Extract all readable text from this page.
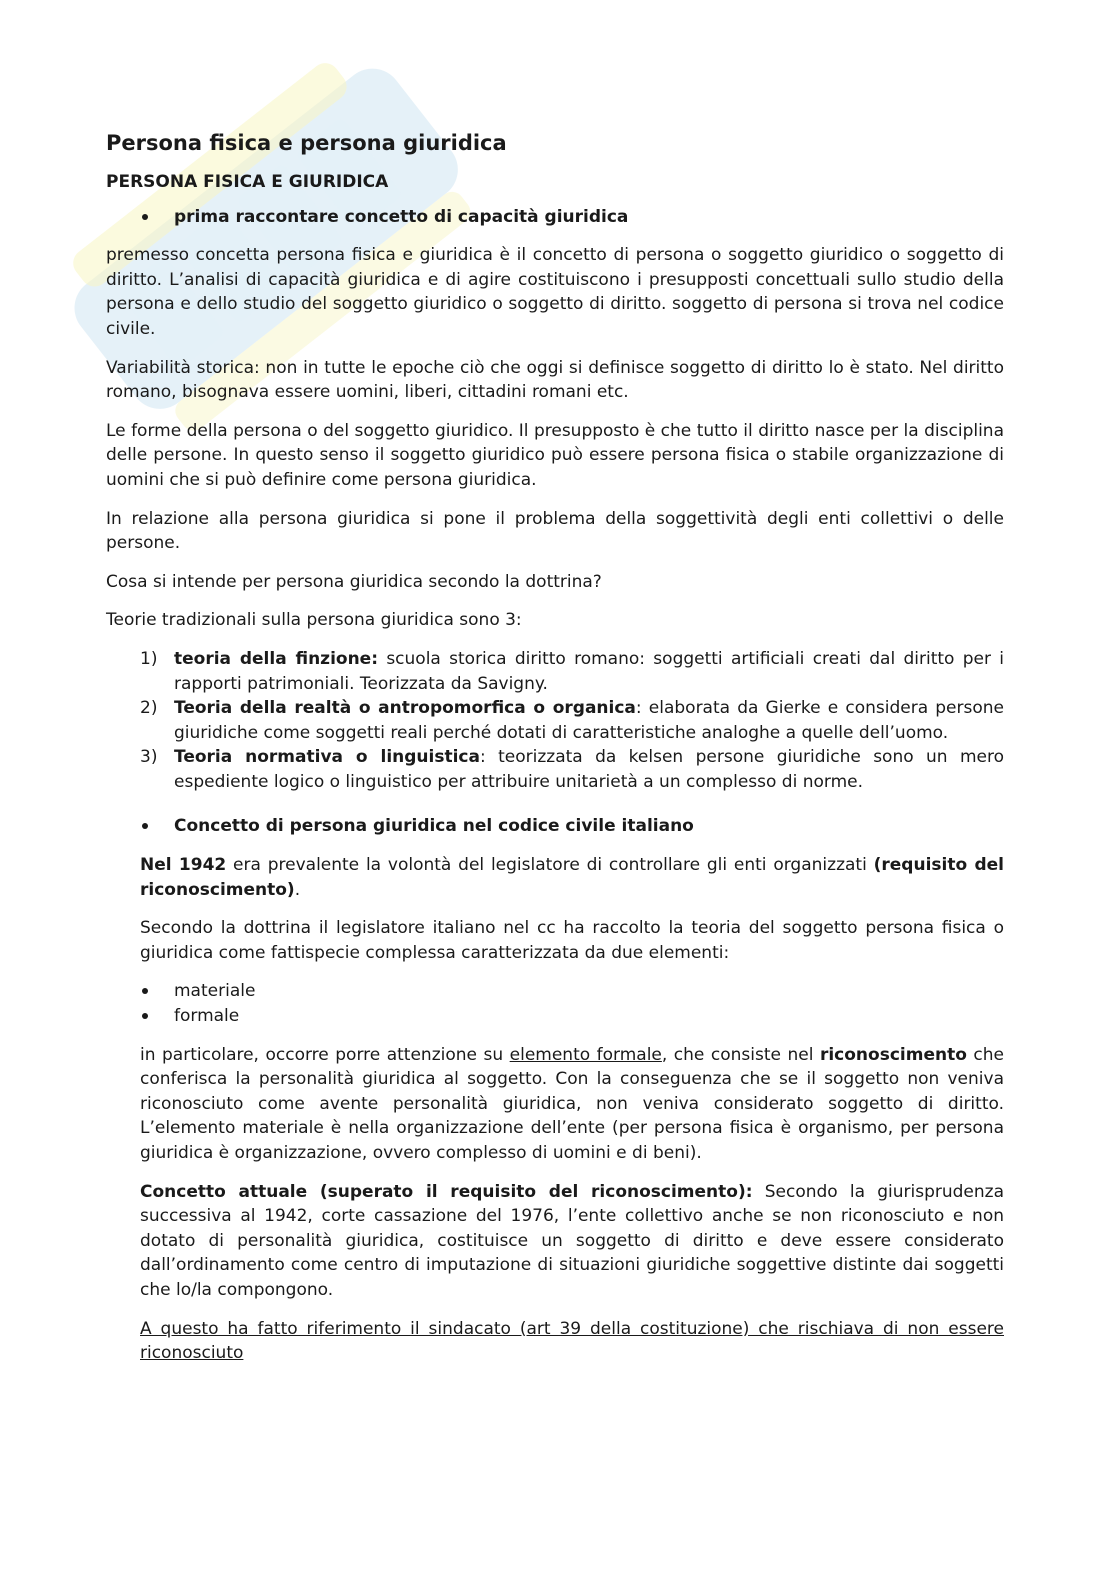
Persona fisica e persona giuridica
PERSONA FISICA E GIURIDICA
prima raccontare concetto di capacità giuridica

premesso concetta persona fisica e giuridica è il concetto di persona o soggetto giuridico o soggetto di diritto. L’analisi di capacità giuridica e di agire costituiscono i presupposti concettuali sullo studio della persona e dello studio del soggetto giuridico o soggetto di diritto. soggetto di persona si trova nel codice civile.

Variabilità storica: non in tutte le epoche ciò che oggi si definisce soggetto di diritto lo è stato. Nel diritto romano, bisognava essere uomini, liberi, cittadini romani etc.

Le forme della persona o del soggetto giuridico. Il presupposto è che tutto il diritto nasce per la disciplina delle persone. In questo senso il soggetto giuridico può essere persona fisica o stabile organizzazione di uomini che si può definire come persona giuridica.

In relazione alla persona giuridica si pone il problema della soggettività degli enti collettivi o delle persone.

Cosa si intende per persona giuridica secondo la dottrina?

Teorie tradizionali sulla persona giuridica sono 3:

1) teoria della finzione: scuola storica diritto romano: soggetti artificiali creati dal diritto per i rapporti patrimoniali. Teorizzata da Savigny.
2) Teoria della realtà o antropomorfica o organica: elaborata da Gierke e considera persone giuridiche come soggetti reali perché dotati di caratteristiche analoghe a quelle dell’uomo.
3) Teoria normativa o linguistica: teorizzata da kelsen persone giuridiche sono un mero espediente logico o linguistico per attribuire unitarietà a un complesso di norme.
Concetto di persona giuridica nel codice civile italiano

Nel 1942 era prevalente la volontà del legislatore di controllare gli enti organizzati (requisito del riconoscimento).

Secondo la dottrina il legislatore italiano nel cc ha raccolto la teoria del soggetto persona fisica o giuridica come fattispecie complessa caratterizzata da due elementi:

materiale
formale

in particolare, occorre porre attenzione su elemento formale, che consiste nel riconoscimento che conferisca la personalità giuridica al soggetto. Con la conseguenza che se il soggetto non veniva riconosciuto come avente personalità giuridica, non veniva considerato soggetto di diritto. L’elemento materiale è nella organizzazione dell’ente (per persona fisica è organismo, per persona giuridica è organizzazione, ovvero complesso di uomini e di beni).

Concetto attuale (superato il requisito del riconoscimento): Secondo la giurisprudenza successiva al 1942, corte cassazione del 1976, l’ente collettivo anche se non riconosciuto e non dotato di personalità giuridica, costituisce un soggetto di diritto e deve essere considerato dall’ordinamento come centro di imputazione di situazioni giuridiche soggettive distinte dai soggetti che lo/la compongono.

A questo ha fatto riferimento il sindacato (art 39 della costituzione) che rischiava di non essere riconosciuto
